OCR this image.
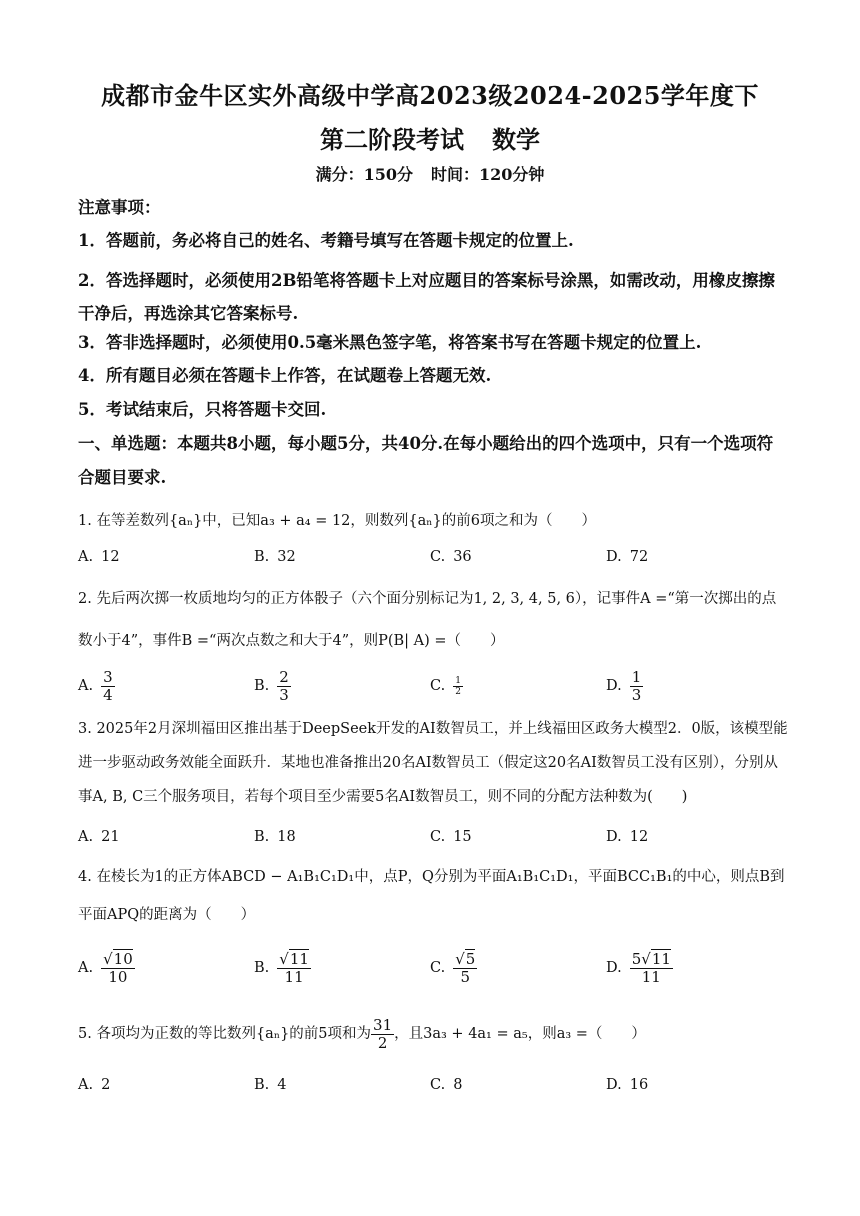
成都市金牛区实外高级中学高2023级2024-2025学年度下
第二阶段考试 数学
满分：150分 时间：120分钟
注意事项：
1．答题前，务必将自己的姓名、考籍号填写在答题卡规定的位置上.
2．答选择题时，必须使用2B铅笔将答题卡上对应题目的答案标号涂黑，如需改动，用橡皮擦擦干净后，再选涂其它答案标号.
3．答非选择题时，必须使用0.5毫米黑色签字笔，将答案书写在答题卡规定的位置上.
4．所有题目必须在答题卡上作答，在试题卷上答题无效.
5．考试结束后，只将答题卡交回.
一、单选题：本题共8小题，每小题5分，共40分.在每小题给出的四个选项中，只有一个选项符合题目要求.
1. 在等差数列{aₙ}中，已知a₃ + a₄ = 12，则数列{aₙ}的前6项之和为（　　）
A. 12	B. 32	C. 36	D. 72
2. 先后两次掷一枚质地均匀的正方体骰子（六个面分别标记为1, 2, 3, 4, 5, 6），记事件A =“第一次掷出的点数小于4”，事件B =“两次点数之和大于4”，则P(B| A) =（　　）
A. $\frac{3}{4}$	B. $\frac{2}{3}$	C. $\frac{1}{2}$	D. $\frac{1}{3}$
3. 2025年2月深圳福田区推出基于DeepSeek开发的AI数智员工，并上线福田区政务大模型2．0版，该模型能进一步驱动政务效能全面跃升．某地也准备推出20名AI数智员工（假定这20名AI数智员工没有区别），分别从事A, B, C三个服务项目，若每个项目至少需要5名AI数智员工，则不同的分配方法种数为(　　)
A. 21	B. 18	C. 15	D. 12
4. 在棱长为1的正方体ABCD − A₁B₁C₁D₁中，点P，Q分别为平面A₁B₁C₁D₁，平面BCC₁B₁的中心，则点B到平面APQ的距离为（　　）
A. $\frac{√10}{10}$	B. $\frac{√11}{11}$	C. $\frac{√5}{5}$	D. $\frac{5√11}{11}$
5. 各项均为正数的等比数列{aₙ}的前5项和为 $\frac{31}{2}$ ，且3a₃ + 4a₁ = a₅，则a₃ =（　　）
A. 2	B. 4	C. 8	D. 16
